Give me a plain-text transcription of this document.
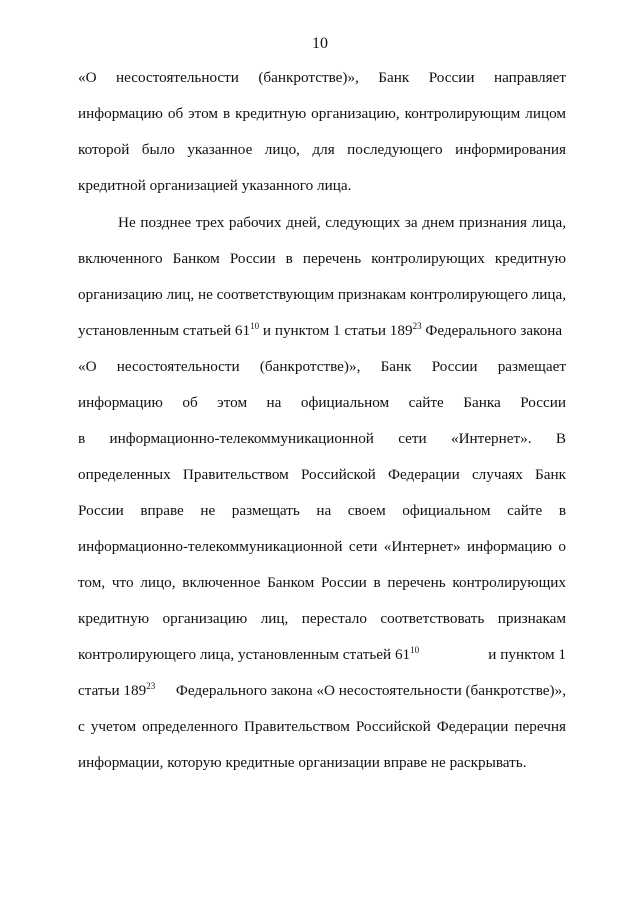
10
«О несостоятельности (банкротстве)», Банк России направляет
информацию об этом в кредитную организацию, контролирующим лицом
которой было указанное лицо, для последующего информирования
кредитной организацией указанного лица.
Не позднее трех рабочих дней, следующих за днем признания лица,
включенного Банком России в перечень контролирующих кредитную
организацию лиц, не соответствующим признакам контролирующего лица,
установленным статьей $61^{10}$ и пунктом 1 статьи $189^{23}$ Федерального закона
«О несостоятельности (банкротстве)», Банк России размещает
информацию об этом на официальном сайте Банка России
в информационно-телекоммуникационной сети «Интернет». В
определенных Правительством Российской Федерации случаях Банк
России вправе не размещать на своем официальном сайте в
информационно-телекоммуникационной сети «Интернет» информацию о
том, что лицо, включенное Банком России в перечень контролирующих
кредитную организацию лиц, перестало соответствовать признакам
контролирующего лица, установленным статьей $61^{10}$	и пунктом 1
статьи $189^{23}$ Федерального закона «О несостоятельности (банкротстве)»,
с учетом определенного Правительством Российской Федерации перечня
информации, которую кредитные организации вправе не раскрывать.
